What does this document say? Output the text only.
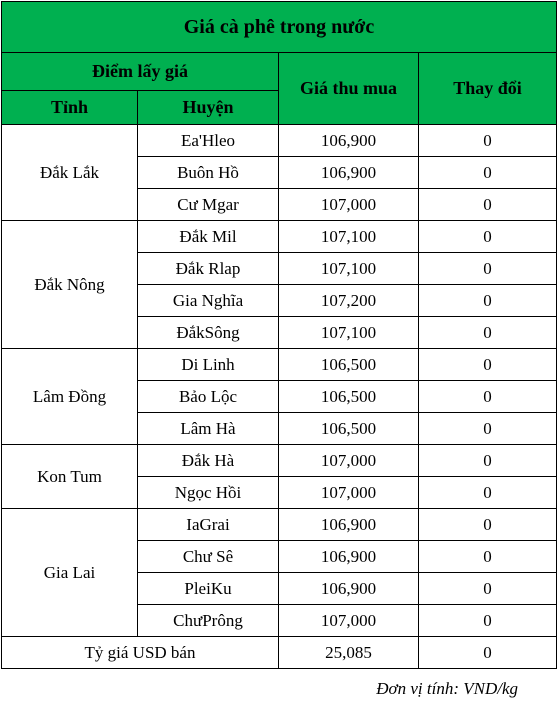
Giá cà phê trong nước			
Điểm lấy giá		Giá thu mua	Thay đổi
Tỉnh	Huyện		
Đắk Lắk	Ea'Hleo	106,900	0
	Buôn Hồ	106,900	0
	Cư Mgar	107,000	0
Đắk Nông	Đắk Mil	107,100	0
	Đắk Rlap	107,100	0
	Gia Nghĩa	107,200	0
	ĐắkSông	107,100	0
Lâm Đồng	Di Linh	106,500	0
	Bảo Lộc	106,500	0
	Lâm Hà	106,500	0
Kon Tum	Đắk Hà	107,000	0
	Ngọc Hồi	107,000	0
Gia Lai	IaGrai	106,900	0
	Chư Sê	106,900	0
	PleiKu	106,900	0
	ChưPrông	107,000	0
Tỷ giá USD bán		25,085	0
Đơn vị tính: VND/kg
